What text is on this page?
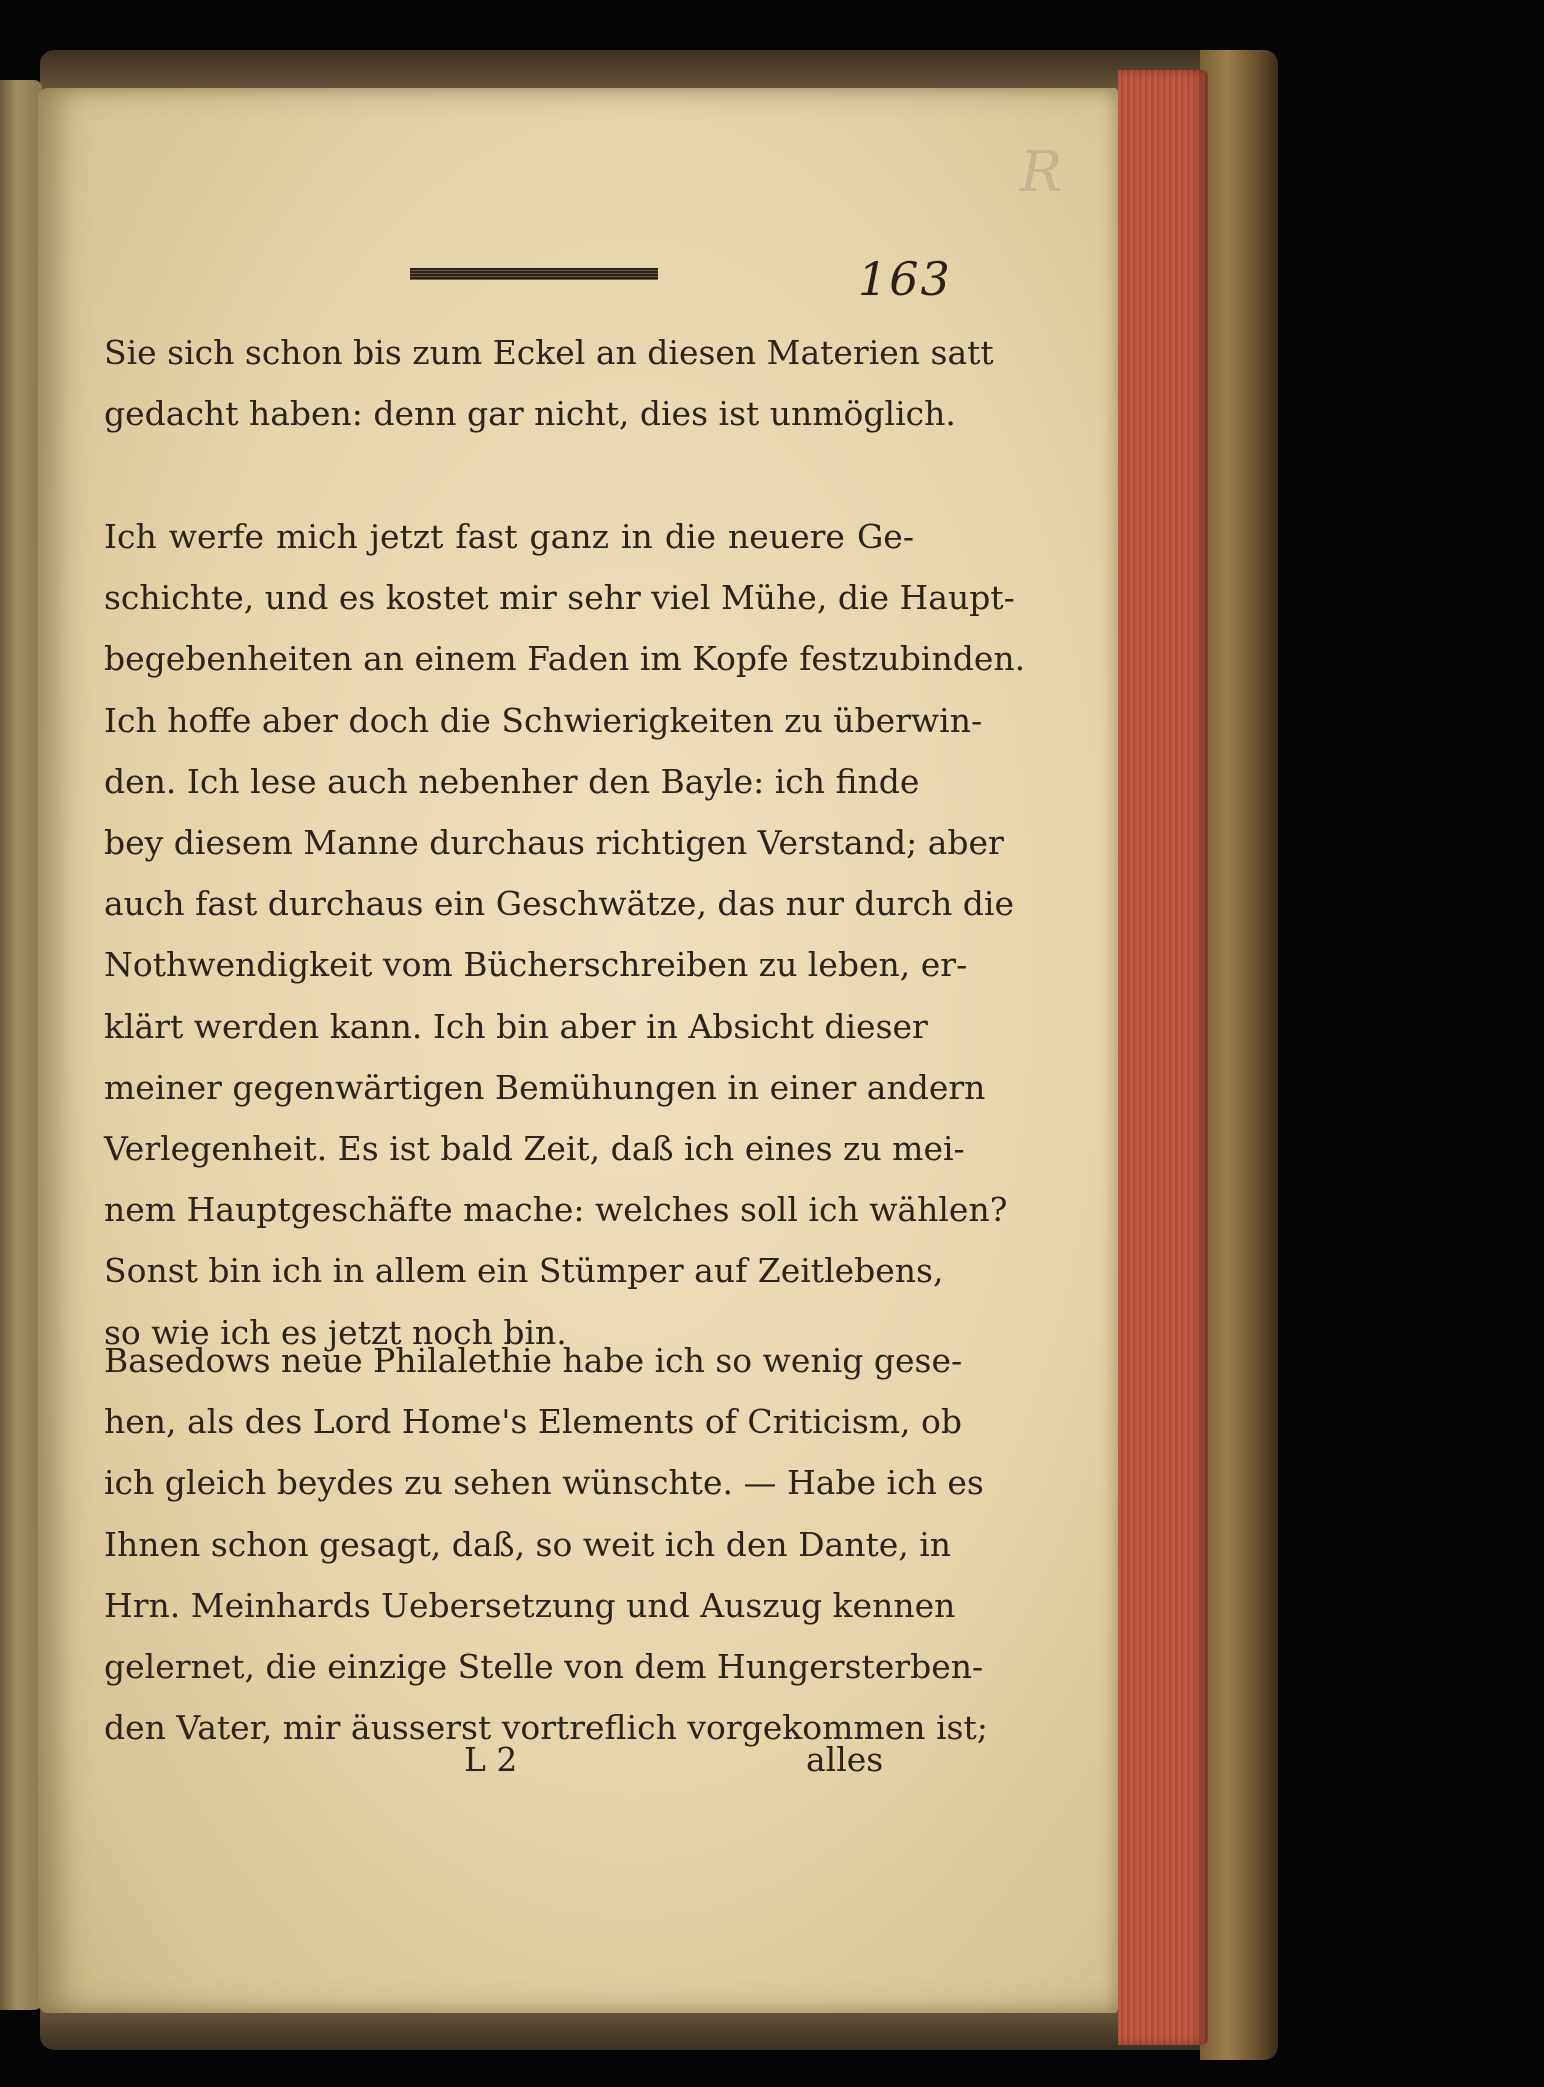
R
163
Sie sich schon bis zum Eckel an diesen Materien satt
gedacht haben: denn gar nicht, dies ist unmöglich.
Ich werfe mich jetzt fast ganz in die neuere Ge-
schichte, und es kostet mir sehr viel Mühe, die Haupt-
begebenheiten an einem Faden im Kopfe festzubinden.
Ich hoffe aber doch die Schwierigkeiten zu überwin-
den. Ich lese auch nebenher den Bayle: ich finde
bey diesem Manne durchaus richtigen Verstand; aber
auch fast durchaus ein Geschwätze, das nur durch die
Nothwendigkeit vom Bücherschreiben zu leben, er-
klärt werden kann. Ich bin aber in Absicht dieser
meiner gegenwärtigen Bemühungen in einer andern
Verlegenheit. Es ist bald Zeit, daß ich eines zu mei-
nem Hauptgeschäfte mache: welches soll ich wählen?
Sonst bin ich in allem ein Stümper auf Zeitlebens,
so wie ich es jetzt noch bin.
Basedows neue Philalethie habe ich so wenig gese-
hen, als des Lord Home's Elements of Criticism, ob
ich gleich beydes zu sehen wünschte. — Habe ich es
Ihnen schon gesagt, daß, so weit ich den Dante, in
Hrn. Meinhards Uebersetzung und Auszug kennen
gelernet, die einzige Stelle von dem Hungersterben-
den Vater, mir äusserst vortreflich vorgekommen ist;
L 2	alles
